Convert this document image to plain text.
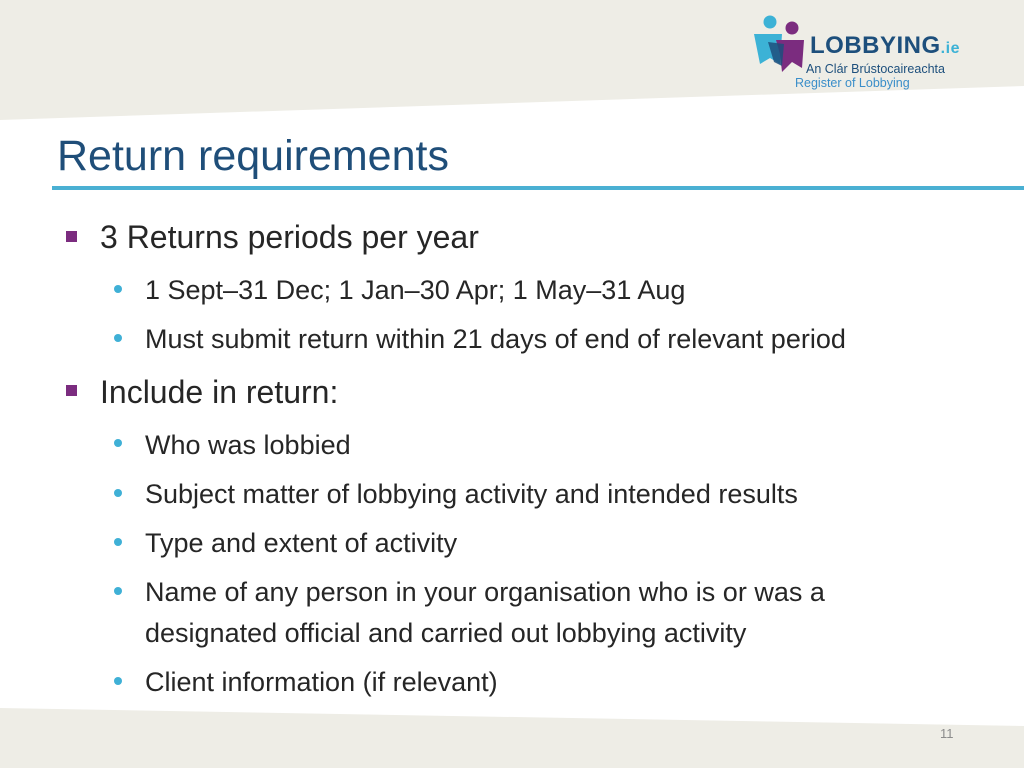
LOBBYING.ie
An Clár Brústocaireachta
Register of Lobbying
Return requirements
3 Returns periods per year
1 Sept–31 Dec; 1 Jan–30 Apr; 1 May–31 Aug
Must submit return within 21 days of end of relevant period
Include in return:
Who was lobbied
Subject matter of lobbying activity and intended results
Type and extent of activity
Name of any person in your organisation who is or was a
designated official and carried out lobbying activity
Client information (if relevant)
11
